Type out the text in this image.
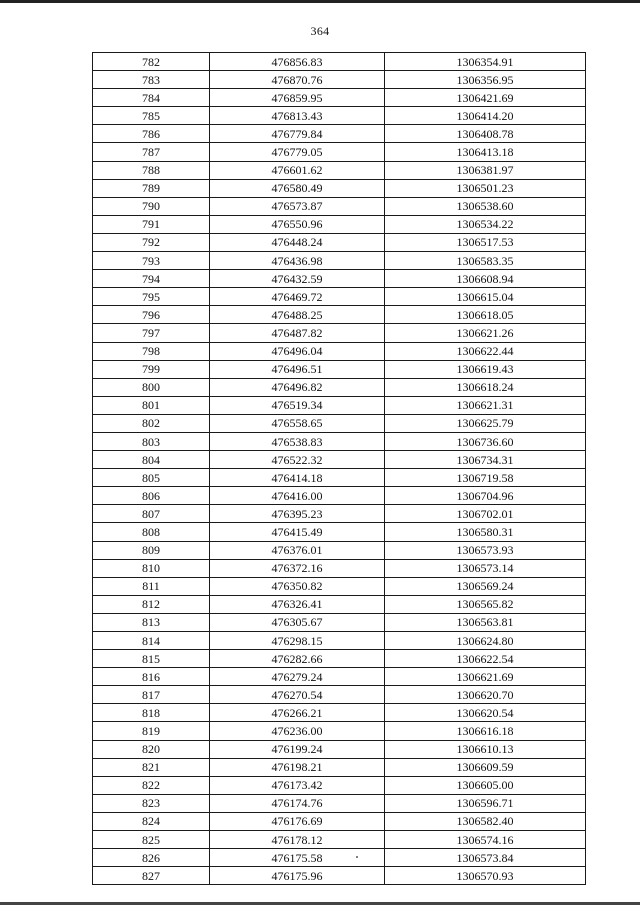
364
782	476856.83	1306354.91
783	476870.76	1306356.95
784	476859.95	1306421.69
785	476813.43	1306414.20
786	476779.84	1306408.78
787	476779.05	1306413.18
788	476601.62	1306381.97
789	476580.49	1306501.23
790	476573.87	1306538.60
791	476550.96	1306534.22
792	476448.24	1306517.53
793	476436.98	1306583.35
794	476432.59	1306608.94
795	476469.72	1306615.04
796	476488.25	1306618.05
797	476487.82	1306621.26
798	476496.04	1306622.44
799	476496.51	1306619.43
800	476496.82	1306618.24
801	476519.34	1306621.31
802	476558.65	1306625.79
803	476538.83	1306736.60
804	476522.32	1306734.31
805	476414.18	1306719.58
806	476416.00	1306704.96
807	476395.23	1306702.01
808	476415.49	1306580.31
809	476376.01	1306573.93
810	476372.16	1306573.14
811	476350.82	1306569.24
812	476326.41	1306565.82
813	476305.67	1306563.81
814	476298.15	1306624.80
815	476282.66	1306622.54
816	476279.24	1306621.69
817	476270.54	1306620.70
818	476266.21	1306620.54
819	476236.00	1306616.18
820	476199.24	1306610.13
821	476198.21	1306609.59
822	476173.42	1306605.00
823	476174.76	1306596.71
824	476176.69	1306582.40
825	476178.12	1306574.16
826	476175.58	1306573.84
827	476175.96	1306570.93
